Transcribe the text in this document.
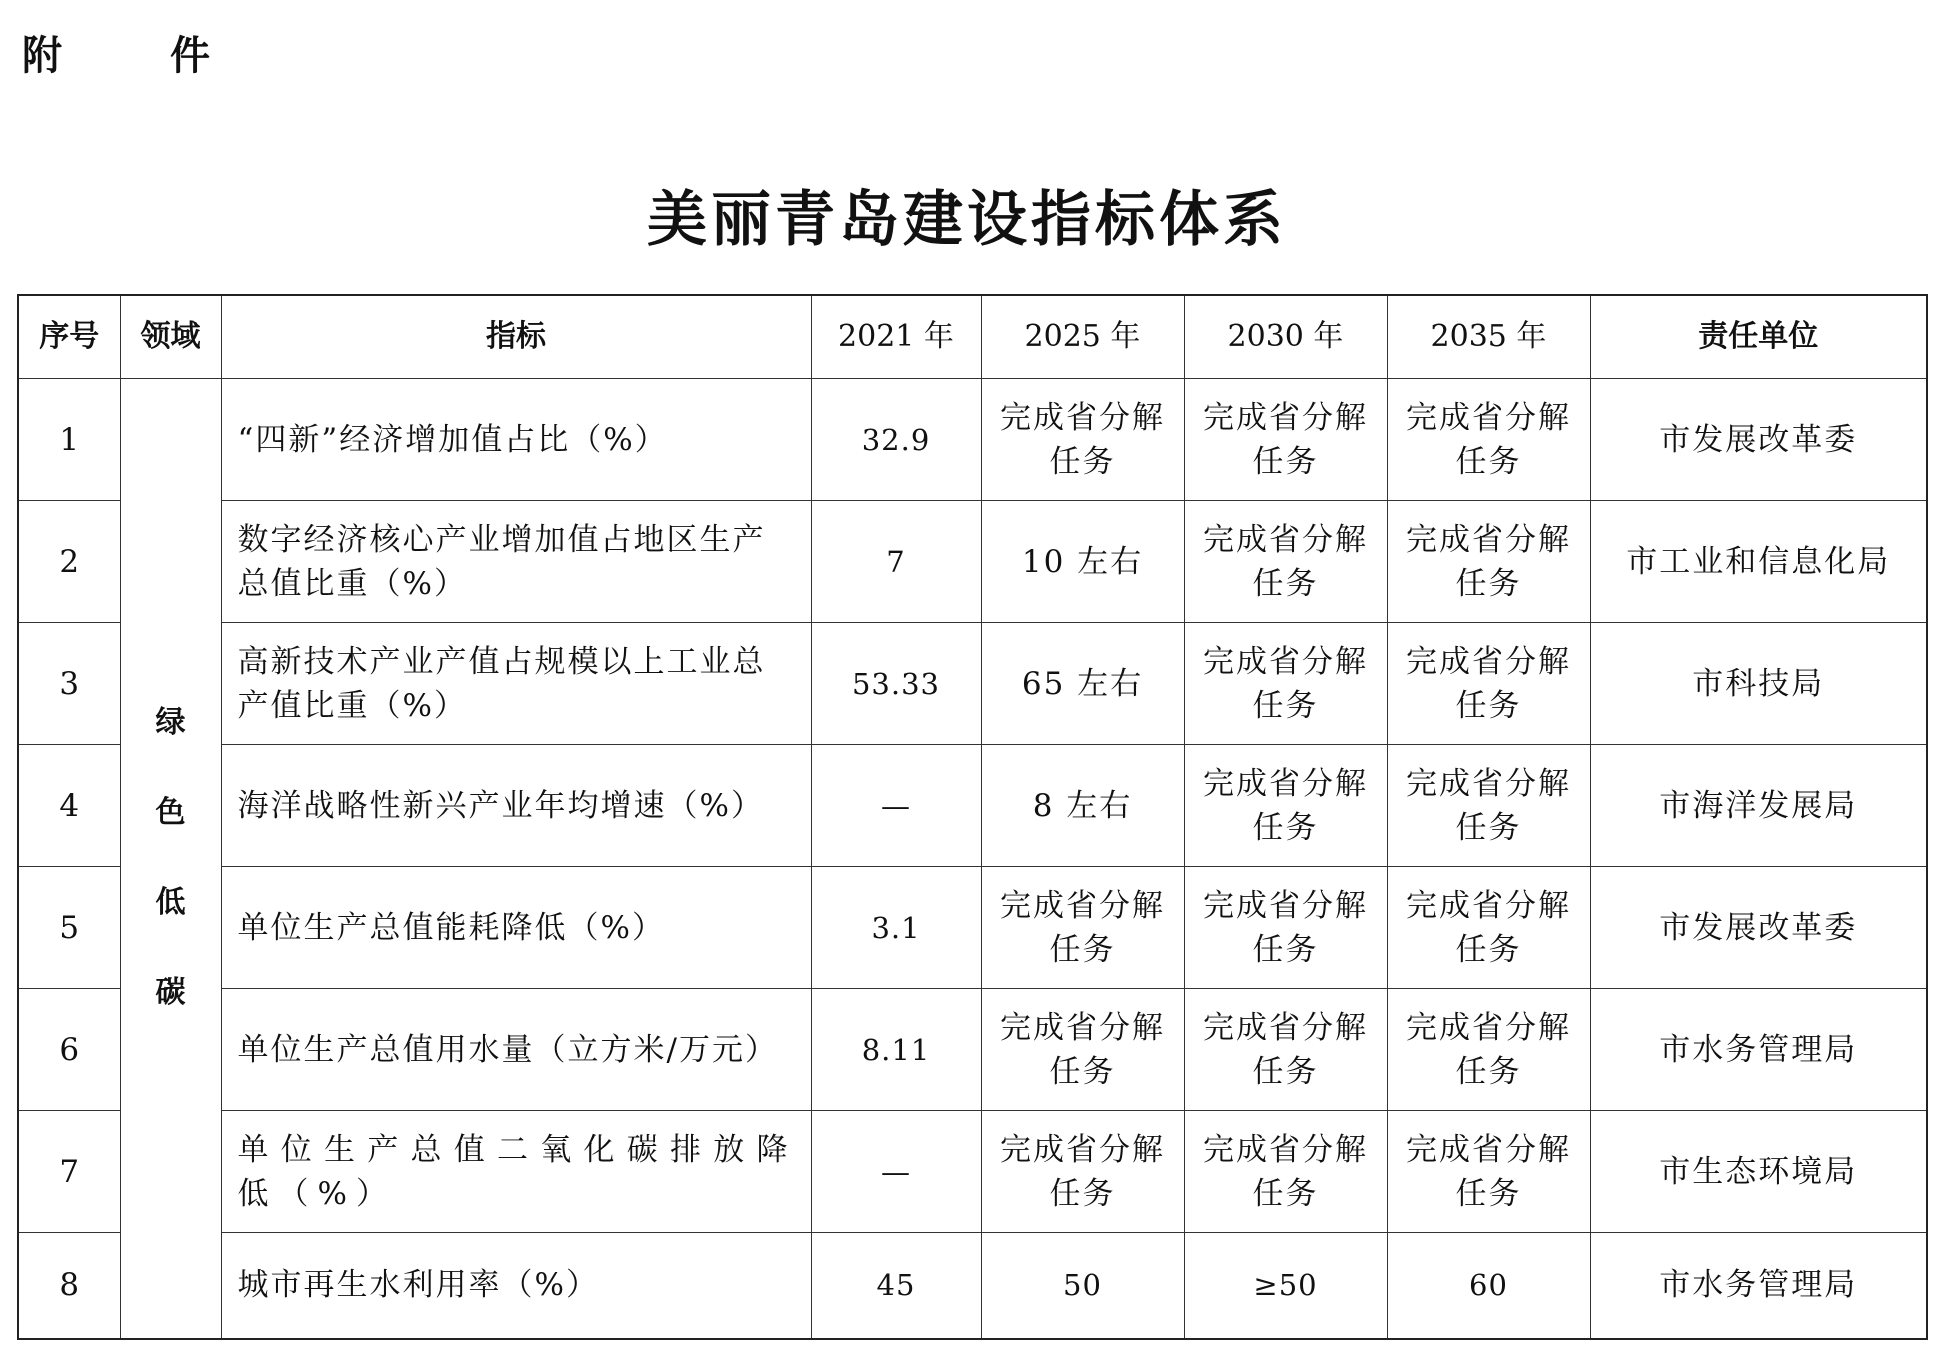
附　件
美丽青岛建设指标体系
序号	领域	指标	2021 年	2025 年	2030 年	2035 年	责任单位
1	绿色低碳	“四新”经济增加值占比（%）	32.9	完成省分解任务	完成省分解任务	完成省分解任务	市发展改革委
2		数字经济核心产业增加值占地区生产总值比重（%）	7	10 左右	完成省分解任务	完成省分解任务	市工业和信息化局
3		高新技术产业产值占规模以上工业总产值比重（%）	53.33	65 左右	完成省分解任务	完成省分解任务	市科技局
4		海洋战略性新兴产业年均增速（%）	—	8 左右	完成省分解任务	完成省分解任务	市海洋发展局
5		单位生产总值能耗降低（%）	3.1	完成省分解任务	完成省分解任务	完成省分解任务	市发展改革委
6		单位生产总值用水量（立方米/万元）	8.11	完成省分解任务	完成省分解任务	完成省分解任务	市水务管理局
7		单位生产总值二氧化碳排放降低（%）	—	完成省分解任务	完成省分解任务	完成省分解任务	市生态环境局
8		城市再生水利用率（%）	45	50	≥50	60	市水务管理局
